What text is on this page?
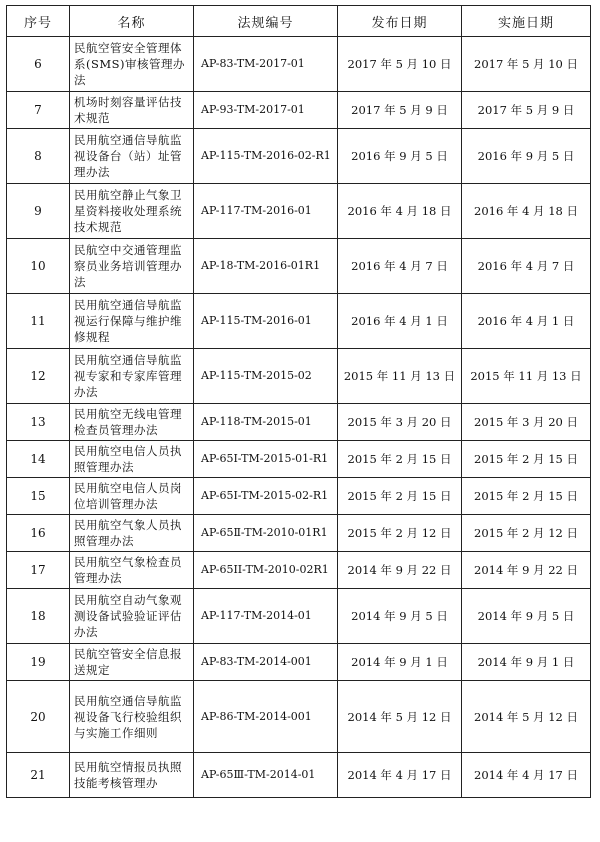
序号	名称	法规编号	发布日期	实施日期
6	民航空管安全管理体系(SMS)审核管理办法	AP-83-TM-2017-01	2017 年 5 月 10 日	2017 年 5 月 10 日
7	机场时刻容量评估技术规范	AP-93-TM-2017-01	2017 年 5 月 9 日	2017 年 5 月 9 日
8	民用航空通信导航监视设备台（站）址管理办法	AP-115-TM-2016-02-R1	2016 年 9 月 5 日	2016 年 9 月 5 日
9	民用航空静止气象卫星资料接收处理系统技术规范	AP-117-TM-2016-01	2016 年 4 月 18 日	2016 年 4 月 18 日
10	民航空中交通管理监察员业务培训管理办法	AP-18-TM-2016-01R1	2016 年 4 月 7 日	2016 年 4 月 7 日
11	民用航空通信导航监视运行保障与维护维修规程	AP-115-TM-2016-01	2016 年 4 月 1 日	2016 年 4 月 1 日
12	民用航空通信导航监视专家和专家库管理办法	AP-115-TM-2015-02	2015 年 11 月 13 日	2015 年 11 月 13 日
13	民用航空无线电管理检查员管理办法	AP-118-TM-2015-01	2015 年 3 月 20 日	2015 年 3 月 20 日
14	民用航空电信人员执照管理办法	AP-65I-TM-2015-01-R1	2015 年 2 月 15 日	2015 年 2 月 15 日
15	民用航空电信人员岗位培训管理办法	AP-65I-TM-2015-02-R1	2015 年 2 月 15 日	2015 年 2 月 15 日
16	民用航空气象人员执照管理办法	AP-65Ⅱ-TM-2010-01R1	2015 年 2 月 12 日	2015 年 2 月 12 日
17	民用航空气象检查员管理办法	AP-65II-TM-2010-02R1	2014 年 9 月 22 日	2014 年 9 月 22 日
18	民用航空自动气象观测设备试验验证评估办法	AP-117-TM-2014-01	2014 年 9 月 5 日	2014 年 9 月 5 日
19	民航空管安全信息报送规定	AP-83-TM-2014-001	2014 年 9 月 1 日	2014 年 9 月 1 日
20	民用航空通信导航监视设备飞行校验组织与实施工作细则	AP-86-TM-2014-001	2014 年 5 月 12 日	2014 年 5 月 12 日
21	民用航空情报员执照技能考核管理办	AP-65Ⅲ-TM-2014-01	2014 年 4 月 17 日	2014 年 4 月 17 日
